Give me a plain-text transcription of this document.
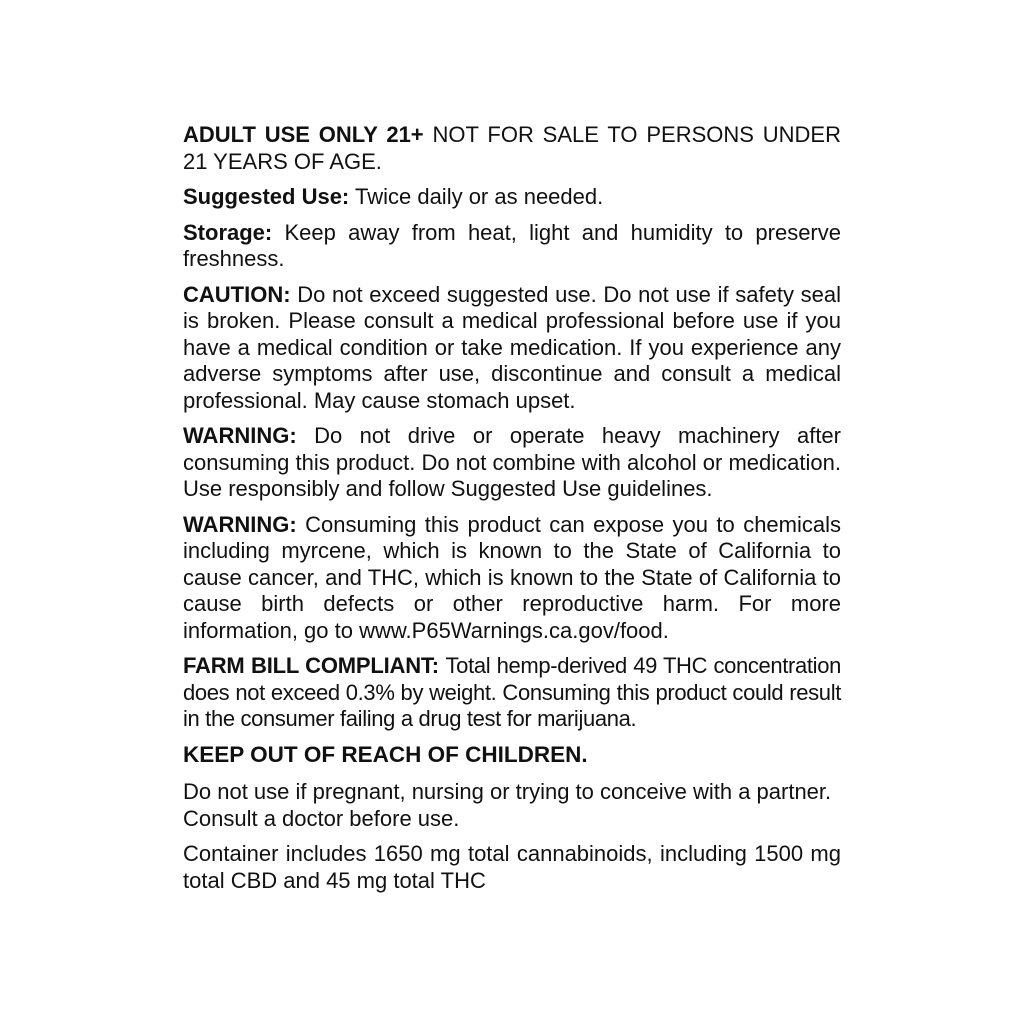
ADULT USE ONLY 21+ NOT FOR SALE TO PERSONS UNDER 21 YEARS OF AGE.

Suggested Use: Twice daily or as needed.

Storage: Keep away from heat, light and humidity to preserve freshness.

CAUTION: Do not exceed suggested use. Do not use if safety seal is broken. Please consult a medical professional before use if you have a medical condition or take medication. If you experience any adverse symptoms after use, discontinue and consult a medical professional. May cause stomach upset.

WARNING: Do not drive or operate heavy machinery after consuming this product. Do not combine with alcohol or medication. Use responsibly and follow Suggested Use guidelines.

WARNING: Consuming this product can expose you to chemicals including myrcene, which is known to the State of California to cause cancer, and THC, which is known to the State of California to cause birth defects or other reproductive harm. For more information, go to www.P65Warnings.ca.gov/food.

FARM BILL COMPLIANT: Total hemp-derived 49 THC concentration does not exceed 0.3% by weight. Consuming this product could result in the consumer failing a drug test for marijuana.

KEEP OUT OF REACH OF CHILDREN.

Do not use if pregnant, nursing or trying to conceive with a partner. Consult a doctor before use.

Container includes 1650 mg total cannabinoids, including 1500 mg total CBD and 45 mg total THC
